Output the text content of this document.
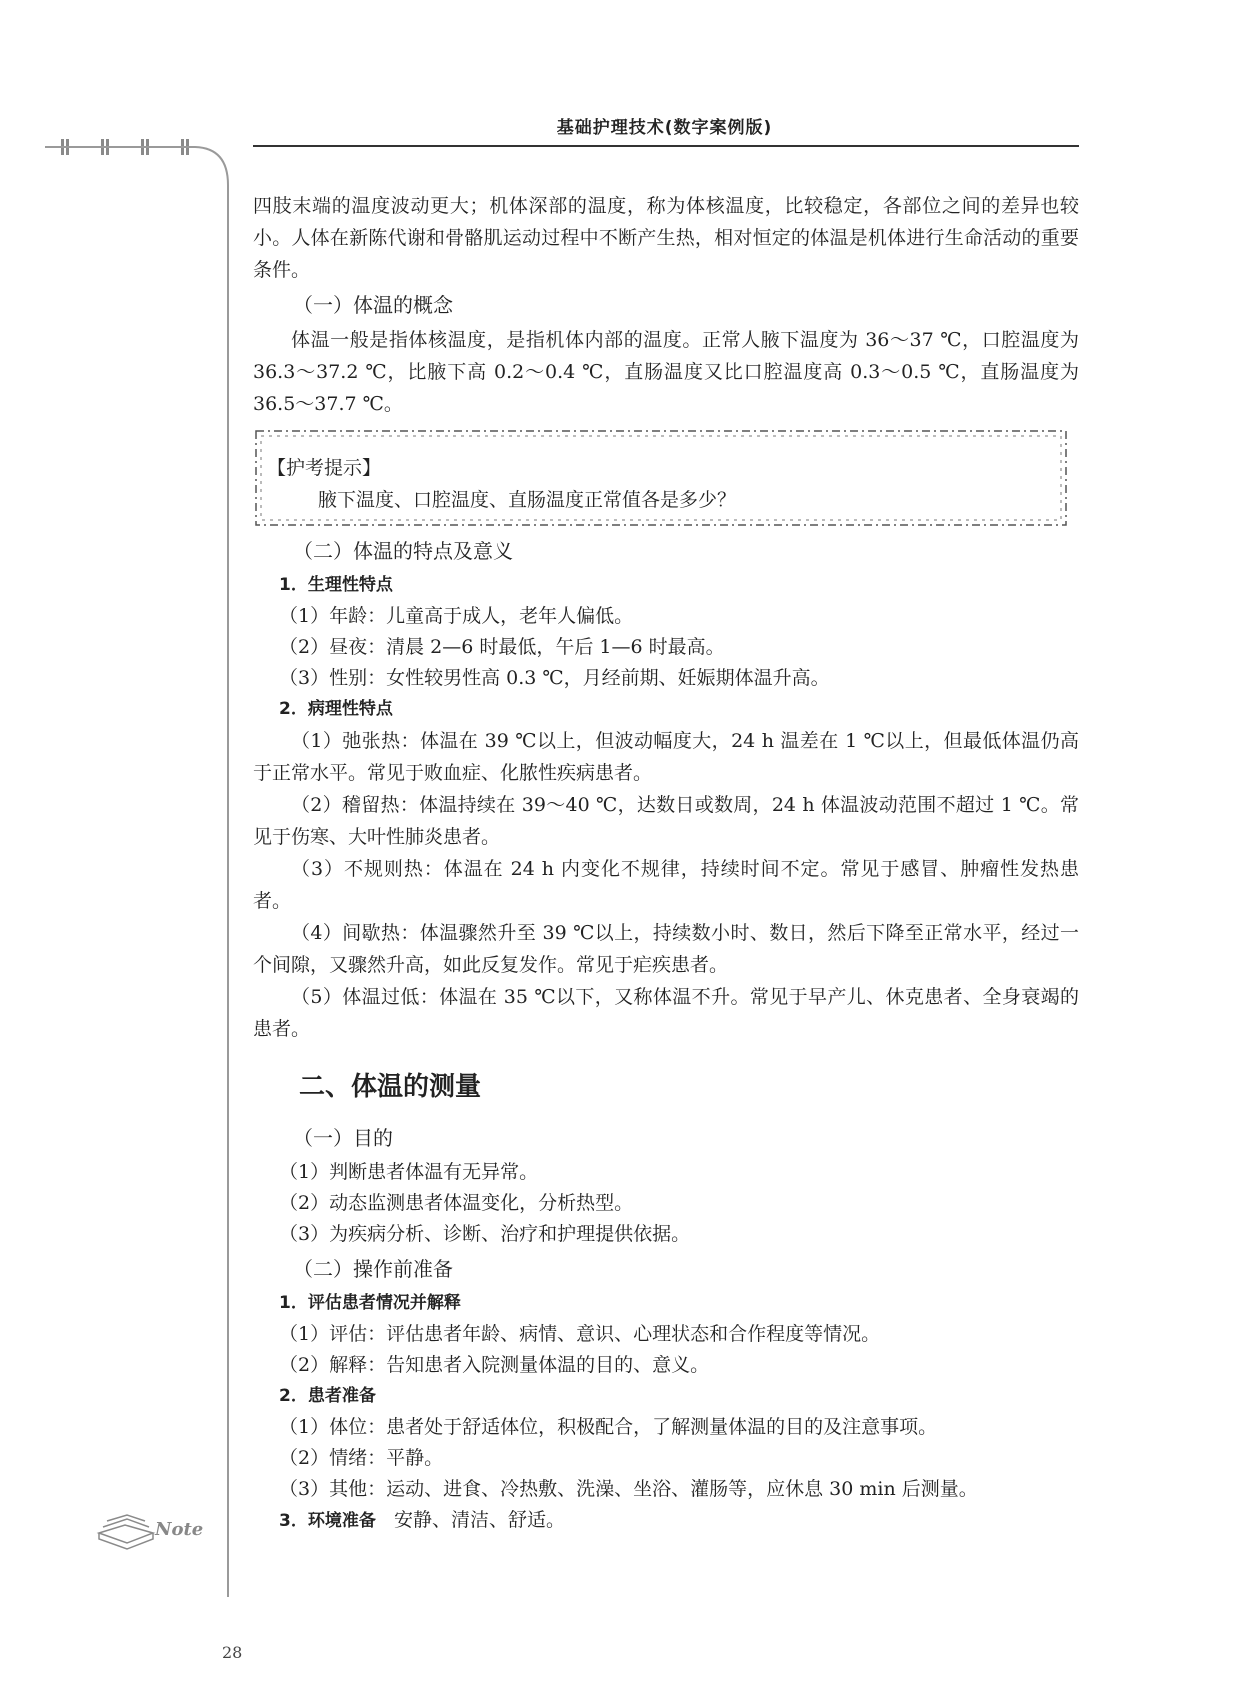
基础护理技术(数字案例版)

四肢末端的温度波动更大；机体深部的温度，称为体核温度，比较稳定，各部位之间的差异也较小。人体在新陈代谢和骨骼肌运动过程中不断产生热，相对恒定的体温是机体进行生命活动的重要条件。

（一）体温的概念

体温一般是指体核温度，是指机体内部的温度。正常人腋下温度为 36～37 ℃，口腔温度为 36.3～37.2 ℃，比腋下高 0.2～0.4 ℃，直肠温度又比口腔温度高 0.3～0.5 ℃，直肠温度为 36.5～37.7 ℃。

【护考提示】
腋下温度、口腔温度、直肠温度正常值各是多少？

（二）体温的特点及意义

1．生理性特点

（1）年龄：儿童高于成人，老年人偏低。

（2）昼夜：清晨 2—6 时最低，午后 1—6 时最高。

（3）性别：女性较男性高 0.3 ℃，月经前期、妊娠期体温升高。

2．病理性特点

（1）弛张热：体温在 39 ℃以上，但波动幅度大，24 h 温差在 1 ℃以上，但最低体温仍高于正常水平。常见于败血症、化脓性疾病患者。

（2）稽留热：体温持续在 39～40 ℃，达数日或数周，24 h 体温波动范围不超过 1 ℃。常见于伤寒、大叶性肺炎患者。

（3）不规则热：体温在 24 h 内变化不规律，持续时间不定。常见于感冒、肿瘤性发热患者。

（4）间歇热：体温骤然升至 39 ℃以上，持续数小时、数日，然后下降至正常水平，经过一个间隙，又骤然升高，如此反复发作。常见于疟疾患者。

（5）体温过低：体温在 35 ℃以下，又称体温不升。常见于早产儿、休克患者、全身衰竭的患者。

二、体温的测量

（一）目的

（1）判断患者体温有无异常。

（2）动态监测患者体温变化，分析热型。

（3）为疾病分析、诊断、治疗和护理提供依据。

（二）操作前准备

1．评估患者情况并解释

（1）评估：评估患者年龄、病情、意识、心理状态和合作程度等情况。

（2）解释：告知患者入院测量体温的目的、意义。

2．患者准备

（1）体位：患者处于舒适体位，积极配合，了解测量体温的目的及注意事项。

（2）情绪：平静。

（3）其他：运动、进食、冷热敷、洗澡、坐浴、灌肠等，应休息 30 min 后测量。

3．环境准备 安静、清洁、舒适。

Note
28
